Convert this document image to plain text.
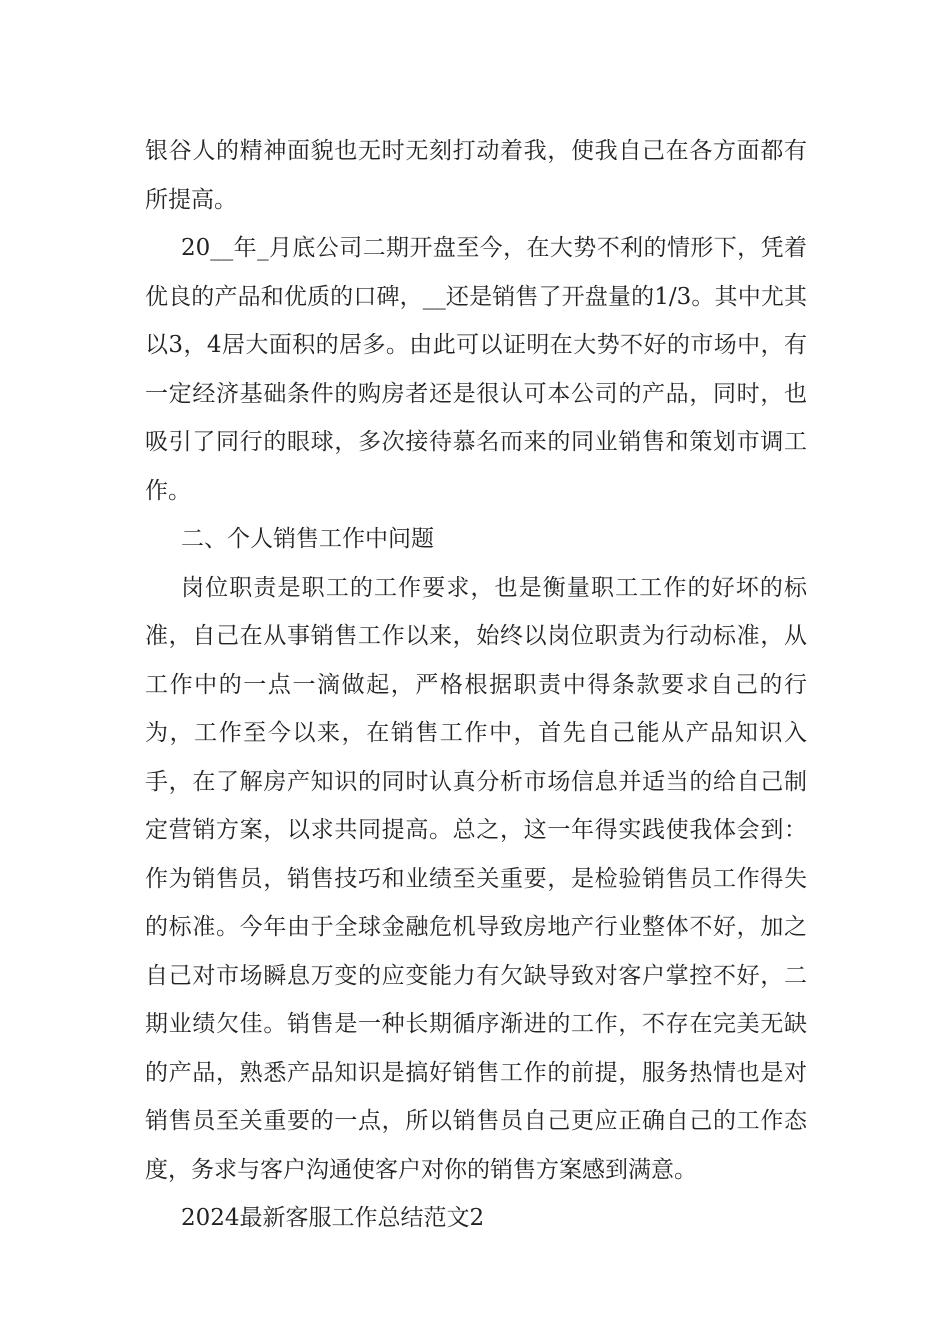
银谷人的精神面貌也无时无刻打动着我，使我自己在各方面都有所提高。

20__年_月底公司二期开盘至今，在大势不利的情形下，凭着优良的产品和优质的口碑，__还是销售了开盘量的1/3。其中尤其以3，4居大面积的居多。由此可以证明在大势不好的市场中，有一定经济基础条件的购房者还是很认可本公司的产品，同时，也吸引了同行的眼球，多次接待慕名而来的同业销售和策划市调工作。

二、个人销售工作中问题

岗位职责是职工的工作要求，也是衡量职工工作的好坏的标准，自己在从事销售工作以来，始终以岗位职责为行动标准，从工作中的一点一滴做起，严格根据职责中得条款要求自己的行为，工作至今以来，在销售工作中，首先自己能从产品知识入手，在了解房产知识的同时认真分析市场信息并适当的给自己制定营销方案，以求共同提高。总之，这一年得实践使我体会到：作为销售员，销售技巧和业绩至关重要，是检验销售员工作得失的标准。今年由于全球金融危机导致房地产行业整体不好，加之自己对市场瞬息万变的应变能力有欠缺导致对客户掌控不好，二期业绩欠佳。销售是一种长期循序渐进的工作，不存在完美无缺的产品，熟悉产品知识是搞好销售工作的前提，服务热情也是对销售员至关重要的一点，所以销售员自己更应正确自己的工作态度，务求与客户沟通使客户对你的销售方案感到满意。

2024最新客服工作总结范文2
